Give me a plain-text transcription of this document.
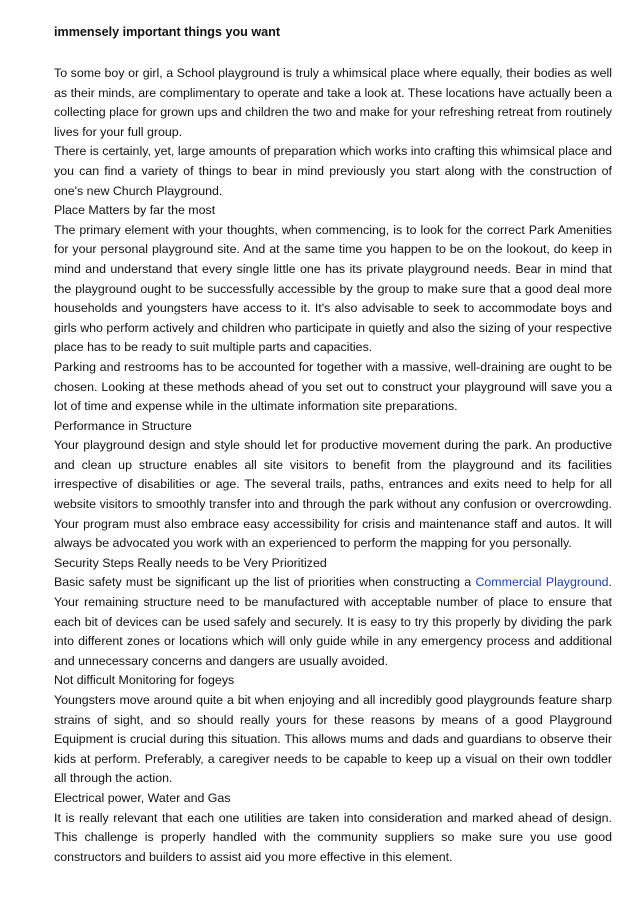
immensely important things you want

To some boy or girl, a School playground is truly a whimsical place where equally, their bodies as well as their minds, are complimentary to operate and take a look at. These locations have actually been a collecting place for grown ups and children the two and make for your refreshing retreat from routinely lives for your full group.

There is certainly, yet, large amounts of preparation which works into crafting this whimsical place and you can find a variety of things to bear in mind previously you start along with the construction of one's new Church Playground.

Place Matters by far the most

The primary element with your thoughts, when commencing, is to look for the correct Park Amenities for your personal playground site. And at the same time you happen to be on the lookout, do keep in mind and understand that every single little one has its private playground needs. Bear in mind that the playground ought to be successfully accessible by the group to make sure that a good deal more households and youngsters have access to it. It's also advisable to seek to accommodate boys and girls who perform actively and children who participate in quietly and also the sizing of your respective place has to be ready to suit multiple parts and capacities.

Parking and restrooms has to be accounted for together with a massive, well-draining are ought to be chosen. Looking at these methods ahead of you set out to construct your playground will save you a lot of time and expense while in the ultimate information site preparations.

Performance in Structure

Your playground design and style should let for productive movement during the park. An productive and clean up structure enables all site visitors to benefit from the playground and its facilities irrespective of disabilities or age. The several trails, paths, entrances and exits need to help for all website visitors to smoothly transfer into and through the park without any confusion or overcrowding. Your program must also embrace easy accessibility for crisis and maintenance staff and autos. It will always be advocated you work with an experienced to perform the mapping for you personally.

Security Steps Really needs to be Very Prioritized

Basic safety must be significant up the list of priorities when constructing a Commercial Playground. Your remaining structure need to be manufactured with acceptable number of place to ensure that each bit of devices can be used safely and securely. It is easy to try this properly by dividing the park into different zones or locations which will only guide while in any emergency process and additional and unnecessary concerns and dangers are usually avoided.

Not difficult Monitoring for fogeys

Youngsters move around quite a bit when enjoying and all incredibly good playgrounds feature sharp strains of sight, and so should really yours for these reasons by means of a good Playground Equipment is crucial during this situation. This allows mums and dads and guardians to observe their kids at perform. Preferably, a caregiver needs to be capable to keep up a visual on their own toddler all through the action.

Electrical power, Water and Gas

It is really relevant that each one utilities are taken into consideration and marked ahead of design. This challenge is properly handled with the community suppliers so make sure you use good constructors and builders to assist aid you more effective in this element.
